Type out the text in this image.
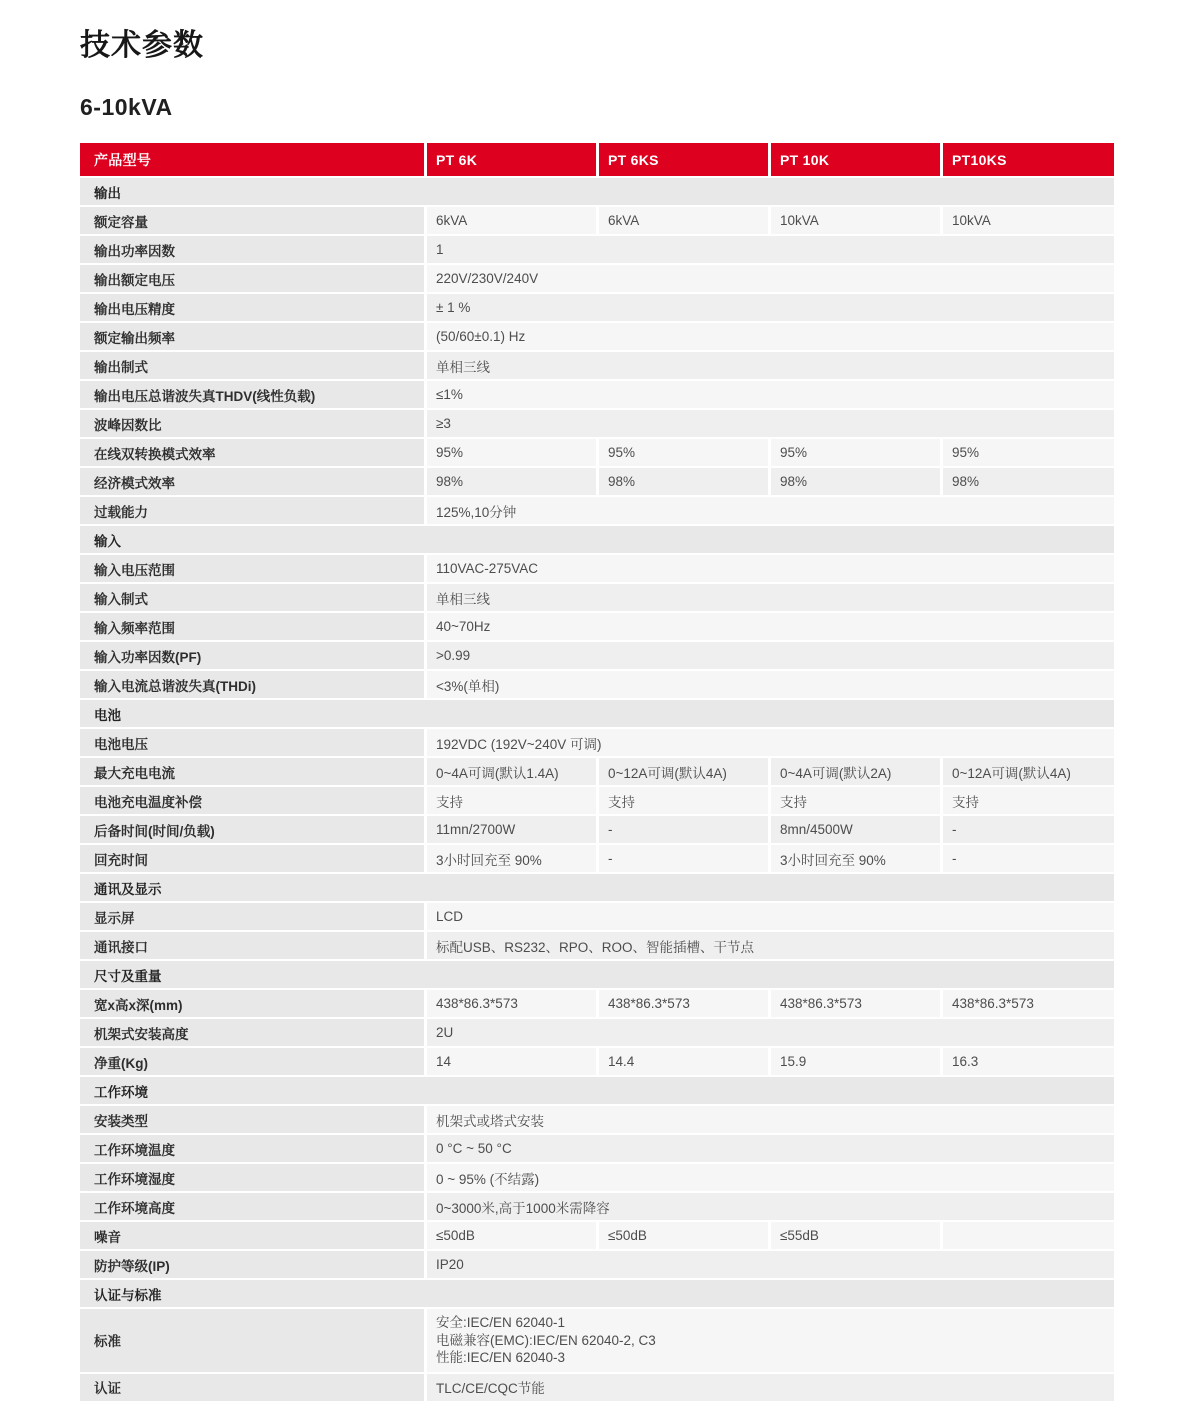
技术参数
6-10kVA
产品型号	PT 6K	PT 6KS	PT 10K	PT10KS
输出
额定容量	6kVA	6kVA	10kVA	10kVA
输出功率因数	1
输出额定电压	220V/230V/240V
输出电压精度	± 1 %
额定输出频率	(50/60±0.1) Hz
输出制式	单相三线
输出电压总谐波失真THDV(线性负载)	≤1%
波峰因数比	≥3
在线双转换模式效率	95%	95%	95%	95%
经济模式效率	98%	98%	98%	98%
过载能力	125%,10分钟
输入
输入电压范围	110VAC-275VAC
输入制式	单相三线
输入频率范围	40~70Hz
输入功率因数(PF)	>0.99
输入电流总谐波失真(THDi)	<3%(单相)
电池
电池电压	192VDC (192V~240V 可调)
最大充电电流	0~4A可调(默认1.4A)	0~12A可调(默认4A)	0~4A可调(默认2A)	0~12A可调(默认4A)
电池充电温度补偿	支持	支持	支持	支持
后备时间(时间/负载)	11mn/2700W	-	8mn/4500W	-
回充时间	3小时回充至 90%	-	3小时回充至 90%	-
通讯及显示
显示屏	LCD
通讯接口	标配USB、RS232、RPO、ROO、智能插槽、干节点
尺寸及重量
宽x高x深(mm)	438*86.3*573	438*86.3*573	438*86.3*573	438*86.3*573
机架式安装高度	2U
净重(Kg)	14	14.4	15.9	16.3
工作环境
安装类型	机架式或塔式安装
工作环境温度	0 °C ~ 50 °C
工作环境湿度	0 ~ 95% (不结露)
工作环境高度	0~3000米,高于1000米需降容
噪音	≤50dB	≤50dB	≤55dB
防护等级(IP)	IP20
认证与标准
标准
安全:IEC/EN 62040-1
电磁兼容(EMC):IEC/EN 62040-2, C3
性能:IEC/EN 62040-3
认证	TLC/CE/CQC节能
